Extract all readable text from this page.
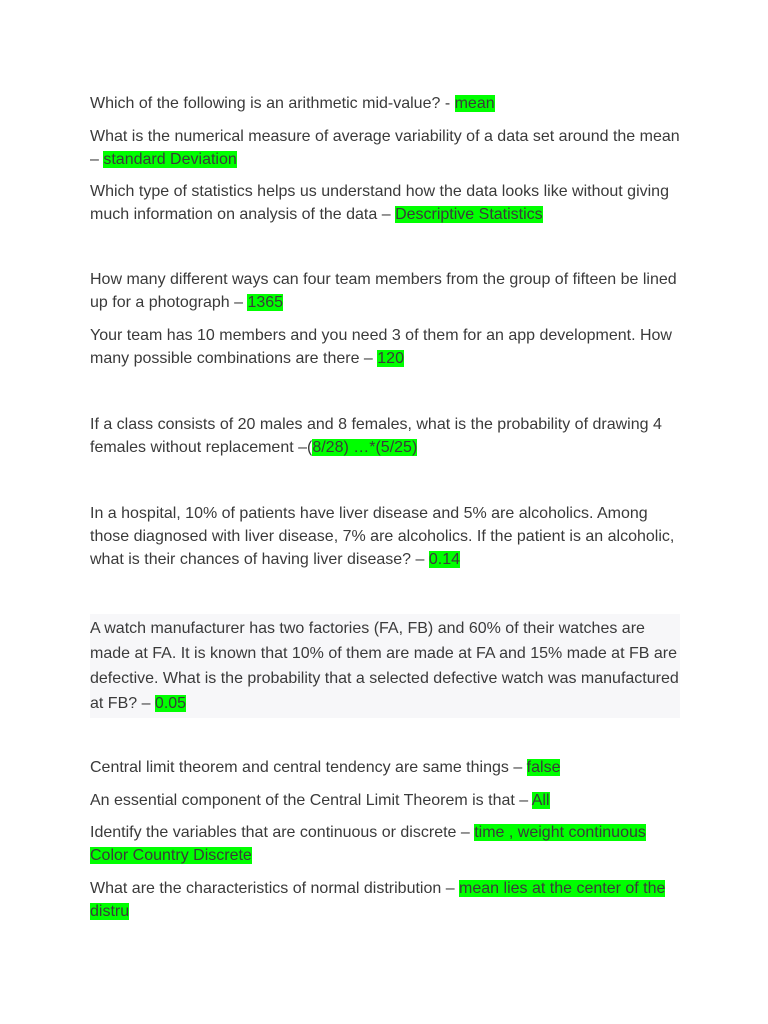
Which of the following is an arithmetic mid-value? - mean

What is the numerical measure of average variability of a data set around the mean – standard Deviation

Which type of statistics helps us understand how the data looks like without giving much information on analysis of the data – Descriptive Statistics

How many different ways can four team members from the group of fifteen be lined up for a photograph – 1365

Your team has 10 members and you need 3 of them for an app development. How many possible combinations are there – 120

If a class consists of 20 males and 8 females, what is the probability of drawing 4 females without replacement –(8/28) …*(5/25)

In a hospital, 10% of patients have liver disease and 5% are alcoholics. Among those diagnosed with liver disease, 7% are alcoholics. If the patient is an alcoholic, what is their chances of having liver disease? – 0.14

A watch manufacturer has two factories (FA, FB) and 60% of their watches are made at FA. It is known that 10% of them are made at FA and 15% made at FB are defective. What is the probability that a selected defective watch was manufactured at FB? – 0.05

Central limit theorem and central tendency are same things – false

An essential component of the Central Limit Theorem is that – All

Identify the variables that are continuous or discrete – time , weight continuous Color Country Discrete

What are the characteristics of normal distribution – mean lies at the center of the distru
